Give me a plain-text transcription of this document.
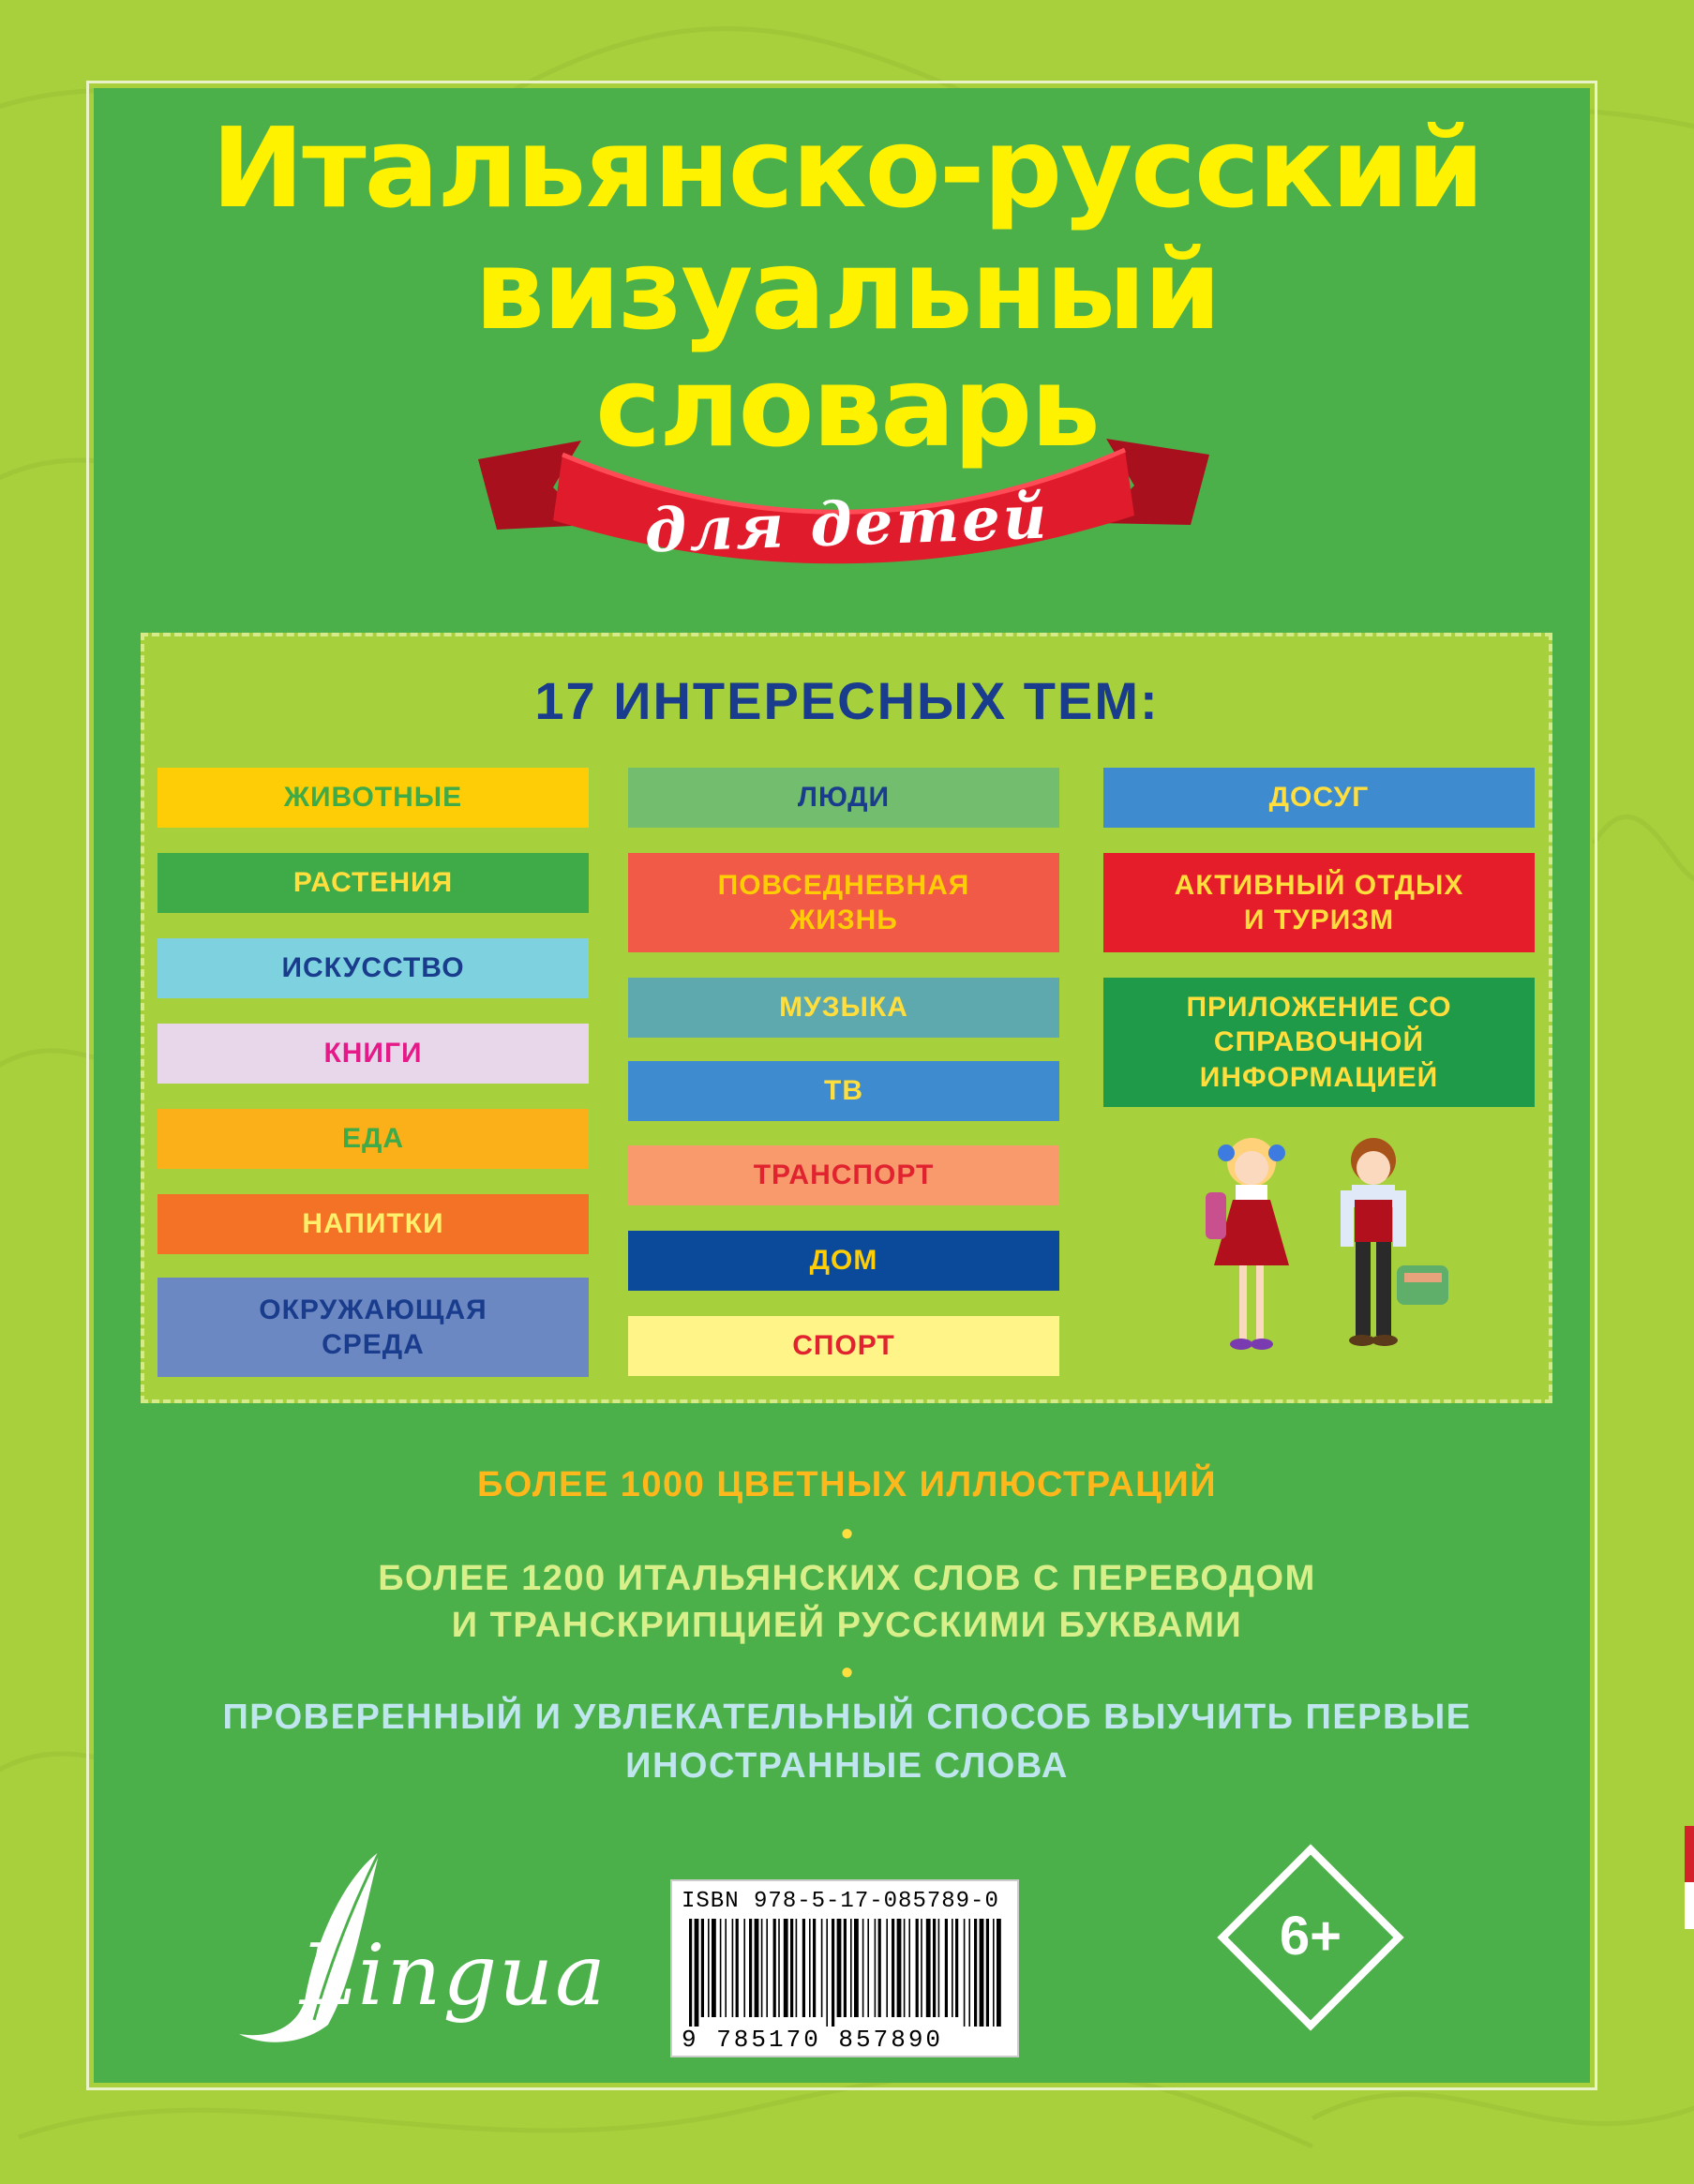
Итальянско-русский
визуальный
словарь
для детей
17 ИНТЕРЕСНЫХ ТЕМ:
ЖИВОТНЫЕ
РАСТЕНИЯ
ИСКУССТВО
КНИГИ
ЕДА
НАПИТКИ
ОКРУЖАЮЩАЯ СРЕДА
ЛЮДИ
ПОВСЕДНЕВНАЯ ЖИЗНЬ
МУЗЫКА
ТВ
ТРАНСПОРТ
ДОМ
СПОРТ
ДОСУГ
АКТИВНЫЙ ОТДЫХ И ТУРИЗМ
ПРИЛОЖЕНИЕ СО СПРАВОЧНОЙ ИНФОРМАЦИЕЙ
БОЛЕЕ 1000 ЦВЕТНЫХ ИЛЛЮСТРАЦИЙ
•
БОЛЕЕ 1200 ИТАЛЬЯНСКИХ СЛОВ С ПЕРЕВОДОМ
И ТРАНСКРИПЦИЕЙ РУССКИМИ БУКВАМИ
•
ПРОВЕРЕННЫЙ И УВЛЕКАТЕЛЬНЫЙ СПОСОБ ВЫУЧИТЬ ПЕРВЫЕ
ИНОСТРАННЫЕ СЛОВА
Lingua
ISBN 978-5-17-085789-0
9 785170 857890
6+
